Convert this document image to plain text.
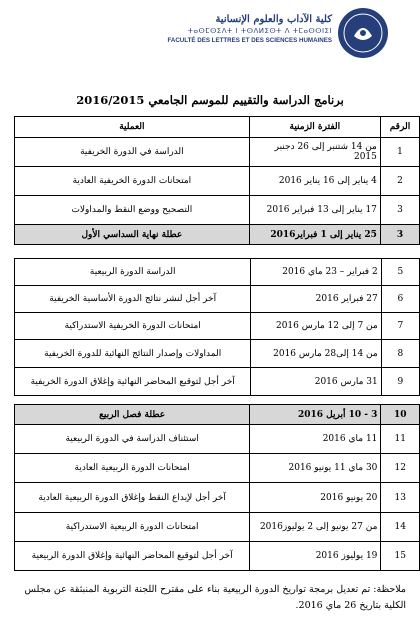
كلية الآداب والعلوم الإنسانية
ⵜⴰⵙⵎⵙⵉⴷⵜ ⵏ ⵜⵙⴷⵍⵉⵙⵜ ⴷ ⵜⵎⴰⵙⵙⵏⵉⵏ
FACULTÉ DES LETTRES ET DES SCIENCES HUMAINES
برنامج الدراسة والتقييم للموسم الجامعي 2016/2015
الرقم	الفترة الزمنية	العملية
1	من 14 شتنبر إلى 26 دجنبر 2015	الدراسة في الدورة الخريفية
2	4 يناير إلى 16 يناير 2016	امتحانات الدورة الخريفية العادية
3	17 يناير إلى 13 فبراير 2016	التصحيح ووضع النقط والمداولات
3	25 يناير إلى 1 فبراير2016	عطلة نهاية السداسي الأول
5	2 فبراير – 23 ماي 2016	الدراسة الدورة الربيعية
6	27 فبراير 2016	آخر أجل لنشر نتائج الدورة الأساسية الخريفية
7	من 7 إلى 12 مارس 2016	امتحانات الدورة الخريفية الاستدراكية
8	من 14 إلى28 مارس 2016	المداولات وإصدار النتائج النهائية للدورة الخريفية
9	31 مارس 2016	آخر أجل لتوقيع المحاضر النهائية وإغلاق الدورة الخريفية
10	3 - 10 أبريل 2016	عطلة فصل الربيع
11	11 ماي 2016	استئناف الدراسة في الدورة الربيعية
12	30 ماي 11 يونيو 2016	امتحانات الدورة الربيعية العادية
13	20 يونيو 2016	آخر أجل لإيداع النقط وإغلاق الدورة الربيعية العادية
14	من 27 يونيو إلى 2 يوليوز2016	امتحانات الدورة الربيعية الاستدراكية
15	19 يوليوز 2016	آخر أجل لتوقيع المحاضر النهائية وإغلاق الدورة الربيعية
ملاحظة: تم تعديل برمجة تواريخ الدورة الربيعية بناء على مقترح اللجنة التربوية المنبثقة عن مجلس الكلية بتاريخ 26 ماي 2016.
